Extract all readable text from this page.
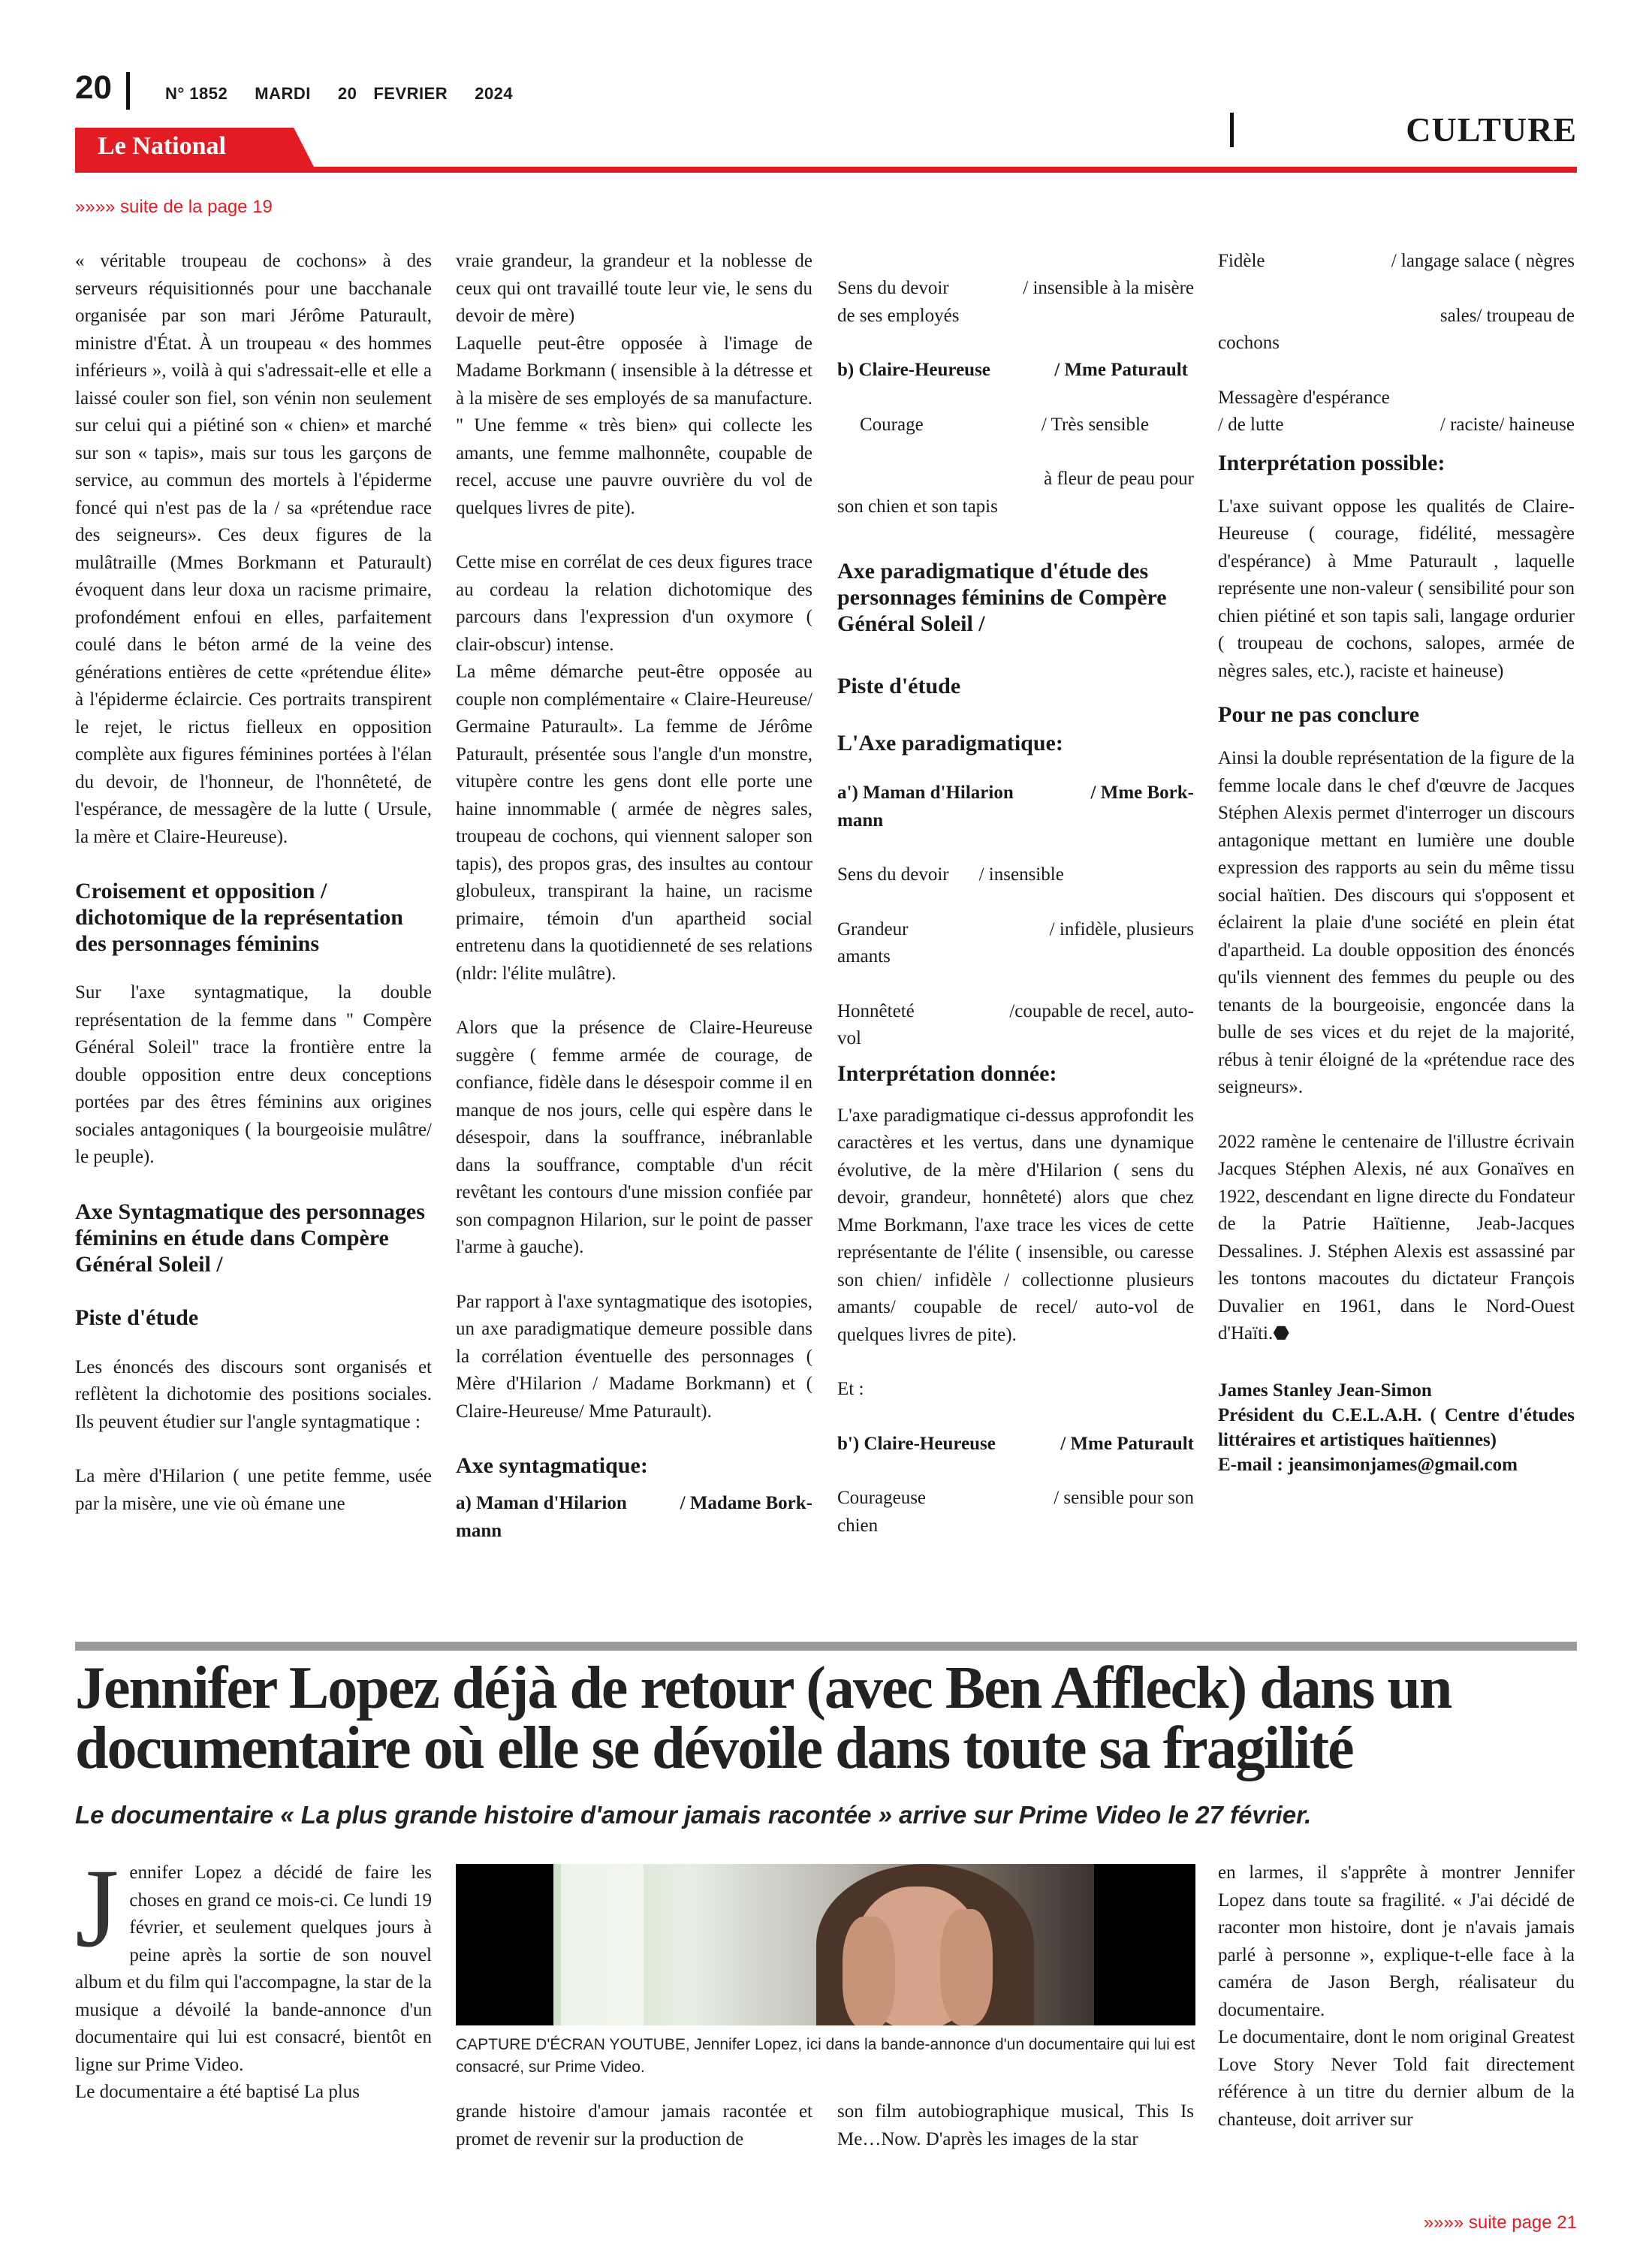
20	N° 1852 MARDI 20 FEVRIER 2024
Le National	CULTURE
»»»» suite de la page 19

« véritable troupeau de cochons» à des serveurs réquisitionnés pour une bacchanale organisée par son mari Jérôme Paturault, ministre d'État. À un troupeau « des hommes inférieurs », voilà à qui s'adressait-elle et elle a laissé couler son fiel, son vénin non seulement sur celui qui a piétiné son « chien» et marché sur son « tapis», mais sur tous les garçons de service, au commun des mortels à l'épiderme foncé qui n'est pas de la / sa «prétendue race des seigneurs». Ces deux figures de la mulâtraille (Mmes Borkmann et Paturault) évoquent dans leur doxa un racisme primaire, profondément enfoui en elles, parfaitement coulé dans le béton armé de la veine des générations entières de cette «prétendue élite» à l'épiderme éclaircie. Ces portraits transpirent le rejet, le rictus fielleux en opposition complète aux figures féminines portées à l'élan du devoir, de l'honneur, de l'honnêteté, de l'espérance, de messagère de la lutte ( Ursule, la mère et Claire-Heureuse).

Croisement et opposition / dichotomique de la représentation des personnages féminins

Sur l'axe syntagmatique, la double représentation de la femme dans " Compère Général Soleil" trace la frontière entre la double opposition entre deux conceptions portées par des êtres féminins aux origines sociales antagoniques ( la bourgeoisie mulâtre/ le peuple).

Axe Syntagmatique des personnages féminins en étude dans Compère Général Soleil /
Piste d'étude

Les énoncés des discours sont organisés et reflètent la dichotomie des positions sociales. Ils peuvent étudier sur l'angle syntagmatique :

La mère d'Hilarion ( une petite femme, usée par la misère, une vie où émane une

vraie grandeur, la grandeur et la noblesse de ceux qui ont travaillé toute leur vie, le sens du devoir de mère)

Laquelle peut-être opposée à l'image de Madame Borkmann ( insensible à la détresse et à la misère de ses employés de sa manufacture. " Une femme « très bien» qui collecte les amants, une femme malhonnête, coupable de recel, accuse une pauvre ouvrière du vol de quelques livres de pite).

Cette mise en corrélat de ces deux figures trace au cordeau la relation dichotomique des parcours dans l'expression d'un oxymore ( clair-obscur) intense.

La même démarche peut-être opposée au couple non complémentaire « Claire-Heureuse/ Germaine Paturault». La femme de Jérôme Paturault, présentée sous l'angle d'un monstre, vitupère contre les gens dont elle porte une haine innommable ( armée de nègres sales, troupeau de cochons, qui viennent saloper son tapis), des propos gras, des insultes au contour globuleux, transpirant la haine, un racisme primaire, témoin d'un apartheid social entretenu dans la quotidienneté de ses relations (nldr: l'élite mulâtre).

Alors que la présence de Claire-Heureuse suggère ( femme armée de courage, de confiance, fidèle dans le désespoir comme il en manque de nos jours, celle qui espère dans le désespoir, dans la souffrance, inébranlable dans la souffrance, comptable d'un récit revêtant les contours d'une mission confiée par son compagnon Hilarion, sur le point de passer l'arme à gauche).

Par rapport à l'axe syntagmatique des isotopies, un axe paradigmatique demeure possible dans la corrélation éventuelle des personnages ( Mère d'Hilarion / Madame Borkmann) et ( Claire-Heureuse/ Mme Paturault).

Axe syntagmatique:
a) Maman d'Hilarion	/ Madame Bork-
mann
Sens du devoir	/ insensible à la misère
de ses employés
b) Claire-Heureuse	/ Mme Paturault
Courage	/ Très sensible
à fleur de peau pour
son chien et son tapis
Axe paradigmatique d'étude des personnages féminins de Compère Général Soleil /
Piste d'étude
L'Axe paradigmatique:
a') Maman d'Hilarion	/ Mme Bork-
mann
Sens du devoir / insensible
Grandeur	/ infidèle, plusieurs
amants
Honnêteté	/coupable de recel, auto-
vol
Interprétation donnée:

L'axe paradigmatique ci-dessus approfondit les caractères et les vertus, dans une dynamique évolutive, de la mère d'Hilarion ( sens du devoir, grandeur, honnêteté) alors que chez Mme Borkmann, l'axe trace les vices de cette représentante de l'élite ( insensible, ou caresse son chien/ infidèle / collectionne plusieurs amants/ coupable de recel/ auto-vol de quelques livres de pite).

Et :

b') Claire-Heureuse	/ Mme Paturault
Courageuse	/ sensible pour son
chien
Fidèle	/ langage salace ( nègres
sales/ troupeau de
cochons
Messagère d'espérance
/ de lutte	/ raciste/ haineuse
Interprétation possible:

L'axe suivant oppose les qualités de Claire-Heureuse ( courage, fidélité, messagère d'espérance) à Mme Paturault , laquelle représente une non-valeur ( sensibilité pour son chien piétiné et son tapis sali, langage ordurier ( troupeau de cochons, salopes, armée de nègres sales, etc.), raciste et haineuse)

Pour ne pas conclure

Ainsi la double représentation de la figure de la femme locale dans le chef d'œuvre de Jacques Stéphen Alexis permet d'interroger un discours antagonique mettant en lumière une double expression des rapports au sein du même tissu social haïtien. Des discours qui s'opposent et éclairent la plaie d'une société en plein état d'apartheid. La double opposition des énoncés qu'ils viennent des femmes du peuple ou des tenants de la bourgeoisie, engoncée dans la bulle de ses vices et du rejet de la majorité, rébus à tenir éloigné de la «prétendue race des seigneurs».

2022 ramène le centenaire de l'illustre écrivain Jacques Stéphen Alexis, né aux Gonaïves en 1922, descendant en ligne directe du Fondateur de la Patrie Haïtienne, Jeab-Jacques Dessalines. J. Stéphen Alexis est assassiné par les tontons macoutes du dictateur François Duvalier en 1961, dans le Nord-Ouest d'Haïti.⬣

James Stanley Jean-Simon
Président du C.E.L.A.H. ( Centre d'études littéraires et artistiques haïtiennes)
E-mail : jeansimonjames@gmail.com
Jennifer Lopez déjà de retour (avec Ben Affleck) dans un documentaire où elle se dévoile dans toute sa fragilité
Le documentaire « La plus grande histoire d'amour jamais racontée » arrive sur Prime Video le 27 février.

Jennifer Lopez a décidé de faire les choses en grand ce mois-ci. Ce lundi 19 février, et seulement quelques jours à peine après la sortie de son nouvel album et du film qui l'accompagne, la star de la musique a dévoilé la bande-annonce d'un documentaire qui lui est consacré, bientôt en ligne sur Prime Video.

Le documentaire a été baptisé La plus

CAPTURE D'ÉCRAN YOUTUBE, Jennifer Lopez, ici dans la bande-annonce d'un documentaire qui lui est consacré, sur Prime Video.

grande histoire d'amour jamais racontée et promet de revenir sur la production de

son film autobiographique musical, This Is Me…Now. D'après les images de la star

en larmes, il s'apprête à montrer Jennifer Lopez dans toute sa fragilité. « J'ai décidé de raconter mon histoire, dont je n'avais jamais parlé à personne », explique-t-elle face à la caméra de Jason Bergh, réalisateur du documentaire.

Le documentaire, dont le nom original Greatest Love Story Never Told fait directement référence à un titre du dernier album de la chanteuse, doit arriver sur

»»»» suite page 21
